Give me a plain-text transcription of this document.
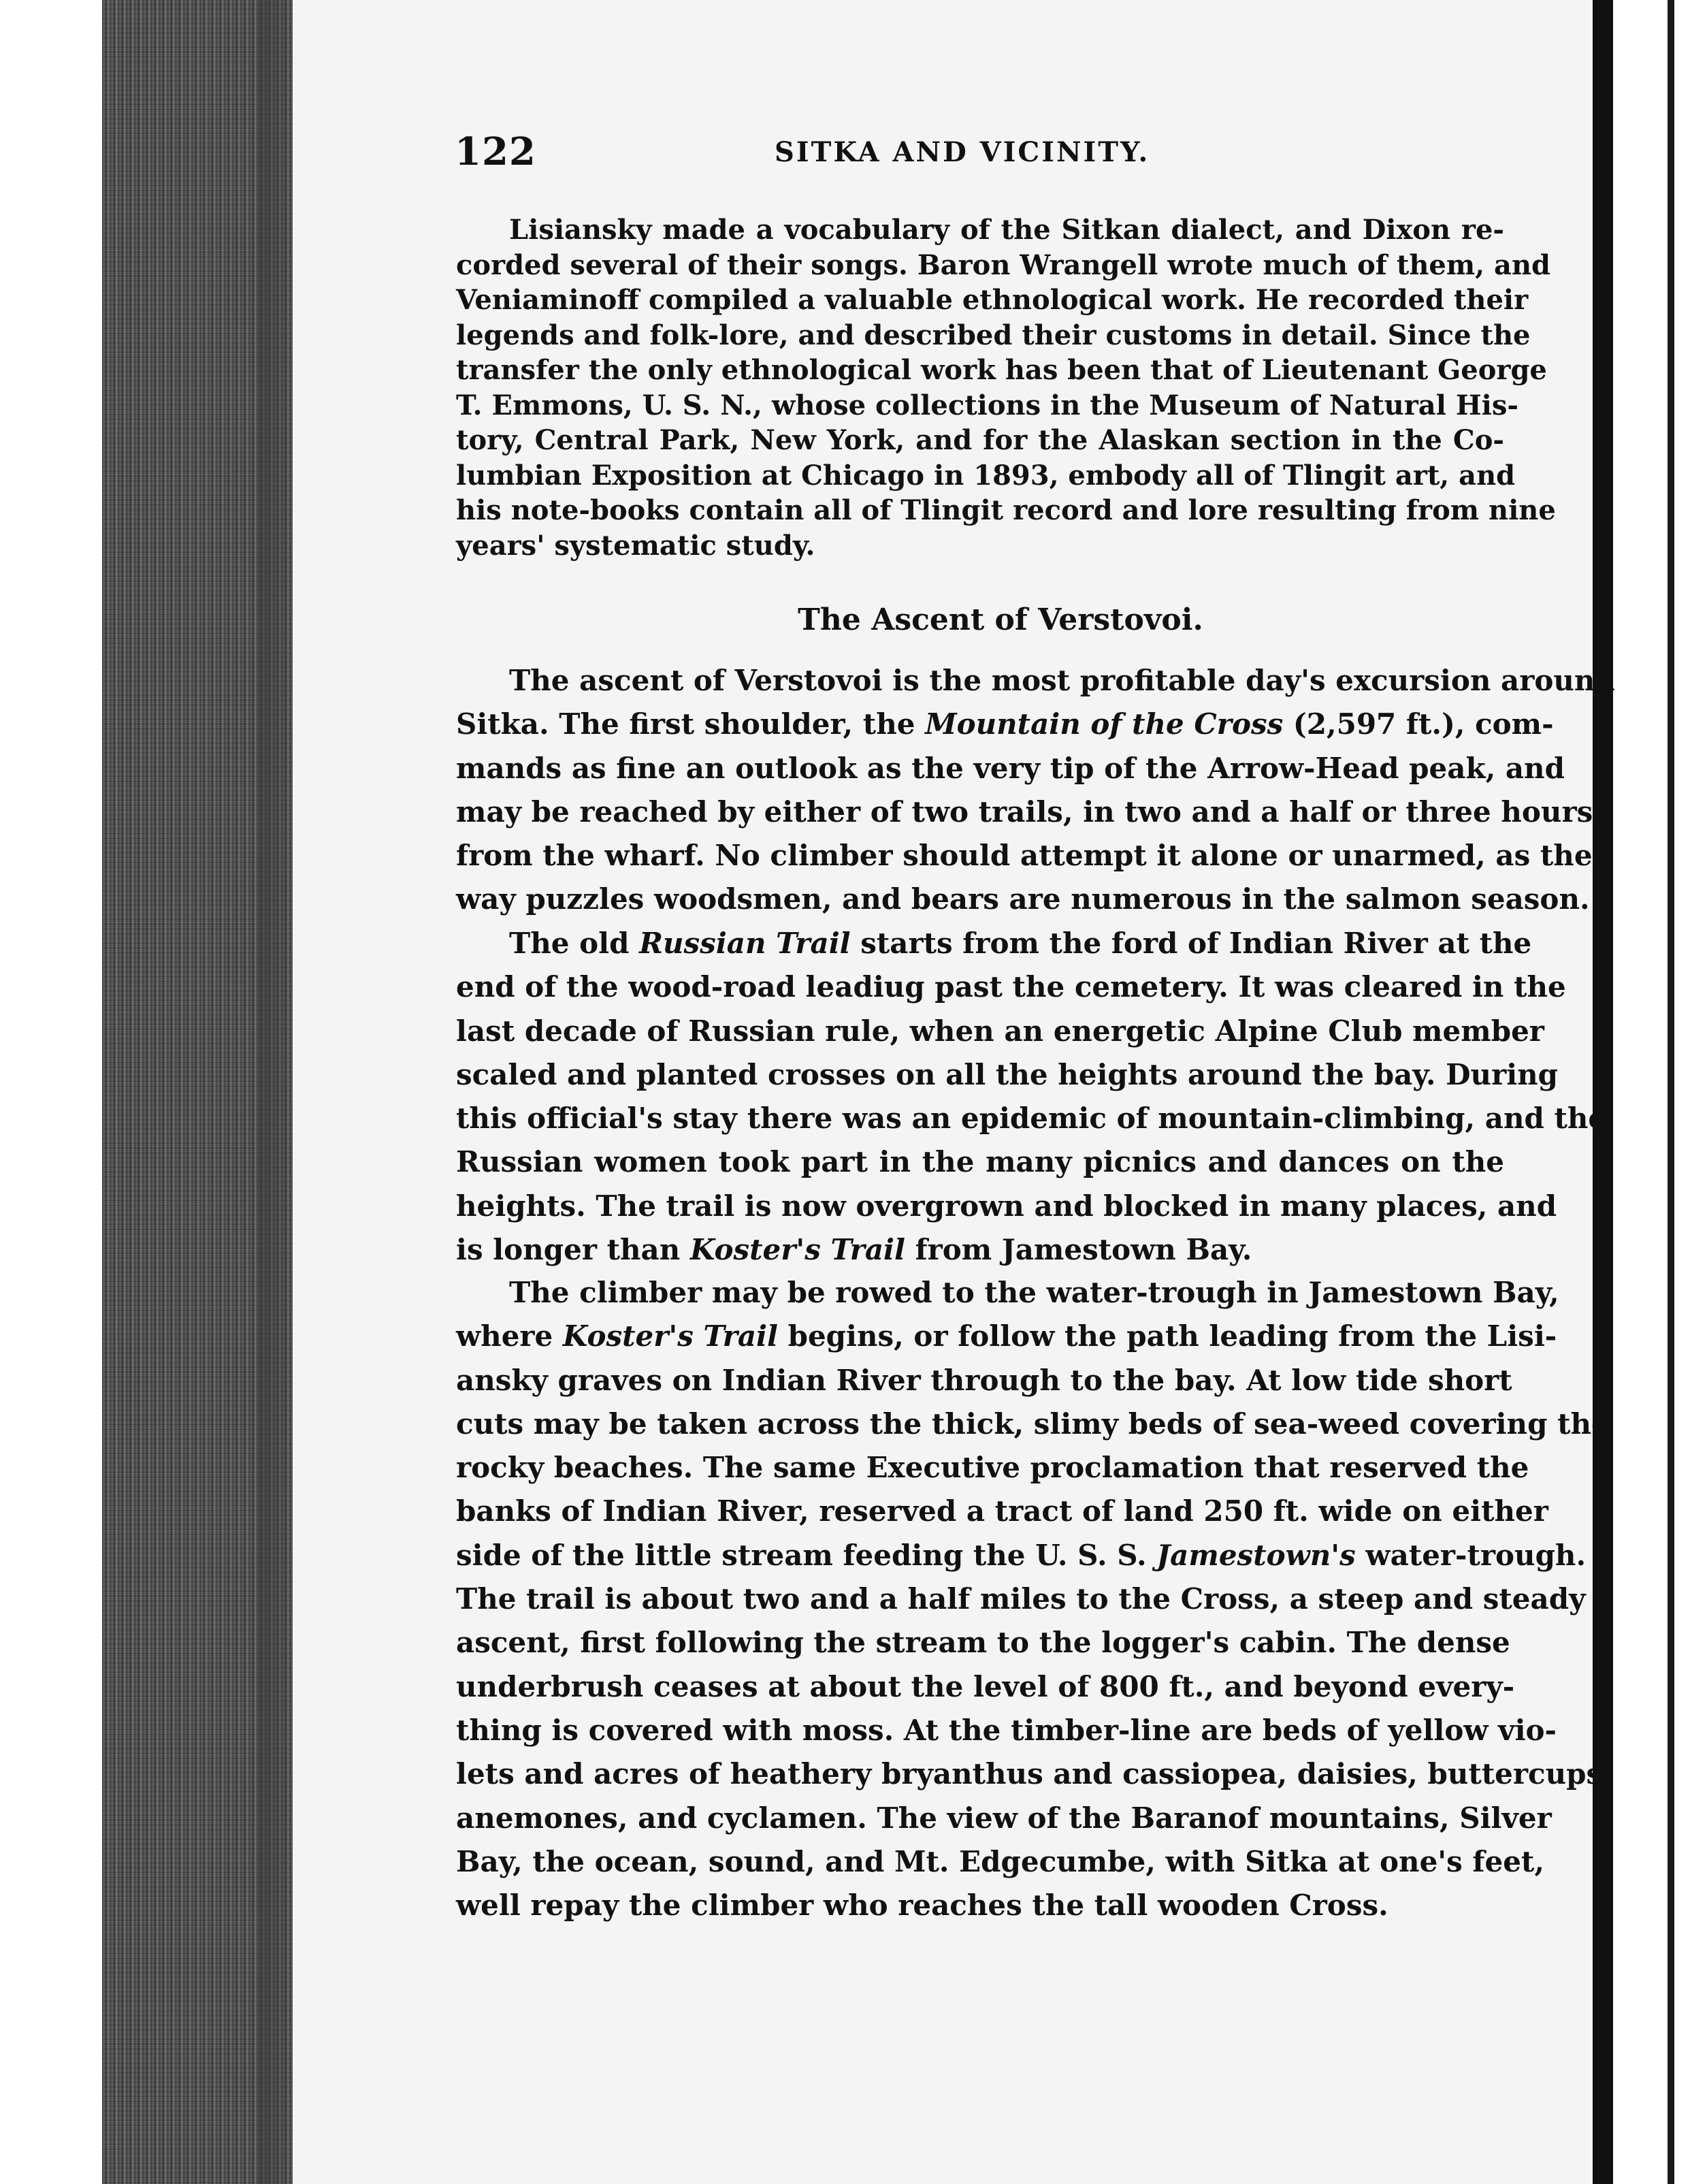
122	SITKA AND VICINITY.
Lisiansky made a vocabulary of the Sitkan dialect, and Dixon re-
corded several of their songs. Baron Wrangell wrote much of them, and
Veniaminoff compiled a valuable ethnological work. He recorded their
legends and folk-lore, and described their customs in detail. Since the
transfer the only ethnological work has been that of Lieutenant George
T. Emmons, U. S. N., whose collections in the Museum of Natural His-
tory, Central Park, New York, and for the Alaskan section in the Co-
lumbian Exposition at Chicago in 1893, embody all of Tlingit art, and
his note-books contain all of Tlingit record and lore resulting from nine
years' systematic study.
The Ascent of Verstovoi.
The ascent of Verstovoi is the most profitable day's excursion around
Sitka. The first shoulder, the Mountain of the Cross (2,597 ft.), com-
mands as fine an outlook as the very tip of the Arrow-Head peak, and
may be reached by either of two trails, in two and a half or three hours
from the wharf. No climber should attempt it alone or unarmed, as the
way puzzles woodsmen, and bears are numerous in the salmon season.
The old Russian Trail starts from the ford of Indian River at the
end of the wood-road leadiug past the cemetery. It was cleared in the
last decade of Russian rule, when an energetic Alpine Club member
scaled and planted crosses on all the heights around the bay. During
this official's stay there was an epidemic of mountain-climbing, and the
Russian women took part in the many picnics and dances on the
heights. The trail is now overgrown and blocked in many places, and
is longer than Koster's Trail from Jamestown Bay.
The climber may be rowed to the water-trough in Jamestown Bay,
where Koster's Trail begins, or follow the path leading from the Lisi-
ansky graves on Indian River through to the bay. At low tide short
cuts may be taken across the thick, slimy beds of sea-weed covering the
rocky beaches. The same Executive proclamation that reserved the
banks of Indian River, reserved a tract of land 250 ft. wide on either
side of the little stream feeding the U. S. S. Jamestown's water-trough.
The trail is about two and a half miles to the Cross, a steep and steady
ascent, first following the stream to the logger's cabin. The dense
underbrush ceases at about the level of 800 ft., and beyond every-
thing is covered with moss. At the timber-line are beds of yellow vio-
lets and acres of heathery bryanthus and cassiopea, daisies, buttercups,
anemones, and cyclamen. The view of the Baranof mountains, Silver
Bay, the ocean, sound, and Mt. Edgecumbe, with Sitka at one's feet,
well repay the climber who reaches the tall wooden Cross.
